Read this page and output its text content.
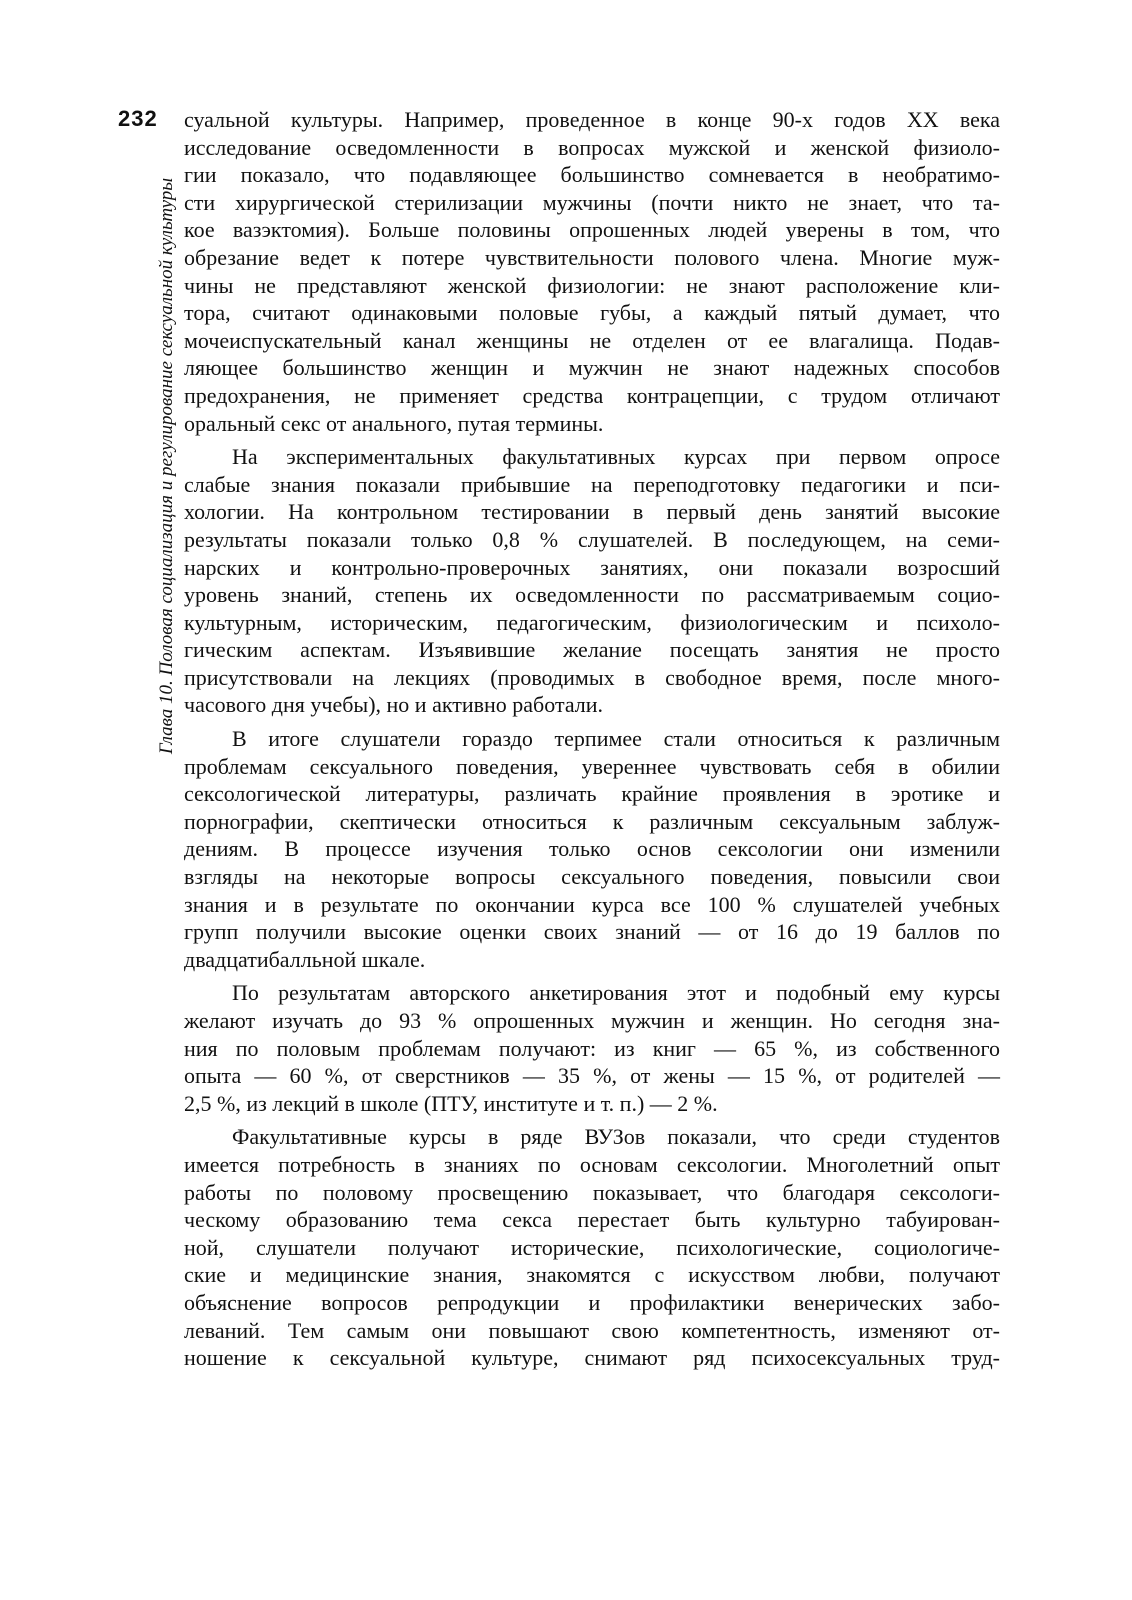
232
Глава 10. Половая социализация и регулирование сексуальной культуры
суальной культуры. Например, проведенное в конце 90-х годов XX века
исследование осведомленности в вопросах мужской и женской физиоло-
гии показало, что подавляющее большинство сомневается в необратимо-
сти хирургической стерилизации мужчины (почти никто не знает, что та-
кое вазэктомия). Больше половины опрошенных людей уверены в том, что
обрезание ведет к потере чувствительности полового члена. Многие муж-
чины не представляют женской физиологии: не знают расположение кли-
тора, считают одинаковыми половые губы, а каждый пятый думает, что
мочеиспускательный канал женщины не отделен от ее влагалища. Подав-
ляющее большинство женщин и мужчин не знают надежных способов
предохранения, не применяет средства контрацепции, с трудом отличают
оральный секс от анального, путая термины.
На экспериментальных факультативных курсах при первом опросе
слабые знания показали прибывшие на переподготовку педагогики и пси-
хологии. На контрольном тестировании в первый день занятий высокие
результаты показали только 0,8 % слушателей. В последующем, на семи-
нарских и контрольно-проверочных занятиях, они показали возросший
уровень знаний, степень их осведомленности по рассматриваемым социо-
культурным, историческим, педагогическим, физиологическим и психоло-
гическим аспектам. Изъявившие желание посещать занятия не просто
присутствовали на лекциях (проводимых в свободное время, после много-
часового дня учебы), но и активно работали.
В итоге слушатели гораздо терпимее стали относиться к различным
проблемам сексуального поведения, увереннее чувствовать себя в обилии
сексологической литературы, различать крайние проявления в эротике и
порнографии, скептически относиться к различным сексуальным заблуж-
дениям. В процессе изучения только основ сексологии они изменили
взгляды на некоторые вопросы сексуального поведения, повысили свои
знания и в результате по окончании курса все 100 % слушателей учебных
групп получили высокие оценки своих знаний — от 16 до 19 баллов по
двадцатибалльной шкале.
По результатам авторского анкетирования этот и подобный ему курсы
желают изучать до 93 % опрошенных мужчин и женщин. Но сегодня зна-
ния по половым проблемам получают: из книг — 65 %, из собственного
опыта — 60 %, от сверстников — 35 %, от жены — 15 %, от родителей —
2,5 %, из лекций в школе (ПТУ, институте и т. п.) — 2 %.
Факультативные курсы в ряде ВУЗов показали, что среди студентов
имеется потребность в знаниях по основам сексологии. Многолетний опыт
работы по половому просвещению показывает, что благодаря сексологи-
ческому образованию тема секса перестает быть культурно табуирован-
ной, слушатели получают исторические, психологические, социологиче-
ские и медицинские знания, знакомятся с искусством любви, получают
объяснение вопросов репродукции и профилактики венерических забо-
леваний. Тем самым они повышают свою компетентность, изменяют от-
ношение к сексуальной культуре, снимают ряд психосексуальных труд-
